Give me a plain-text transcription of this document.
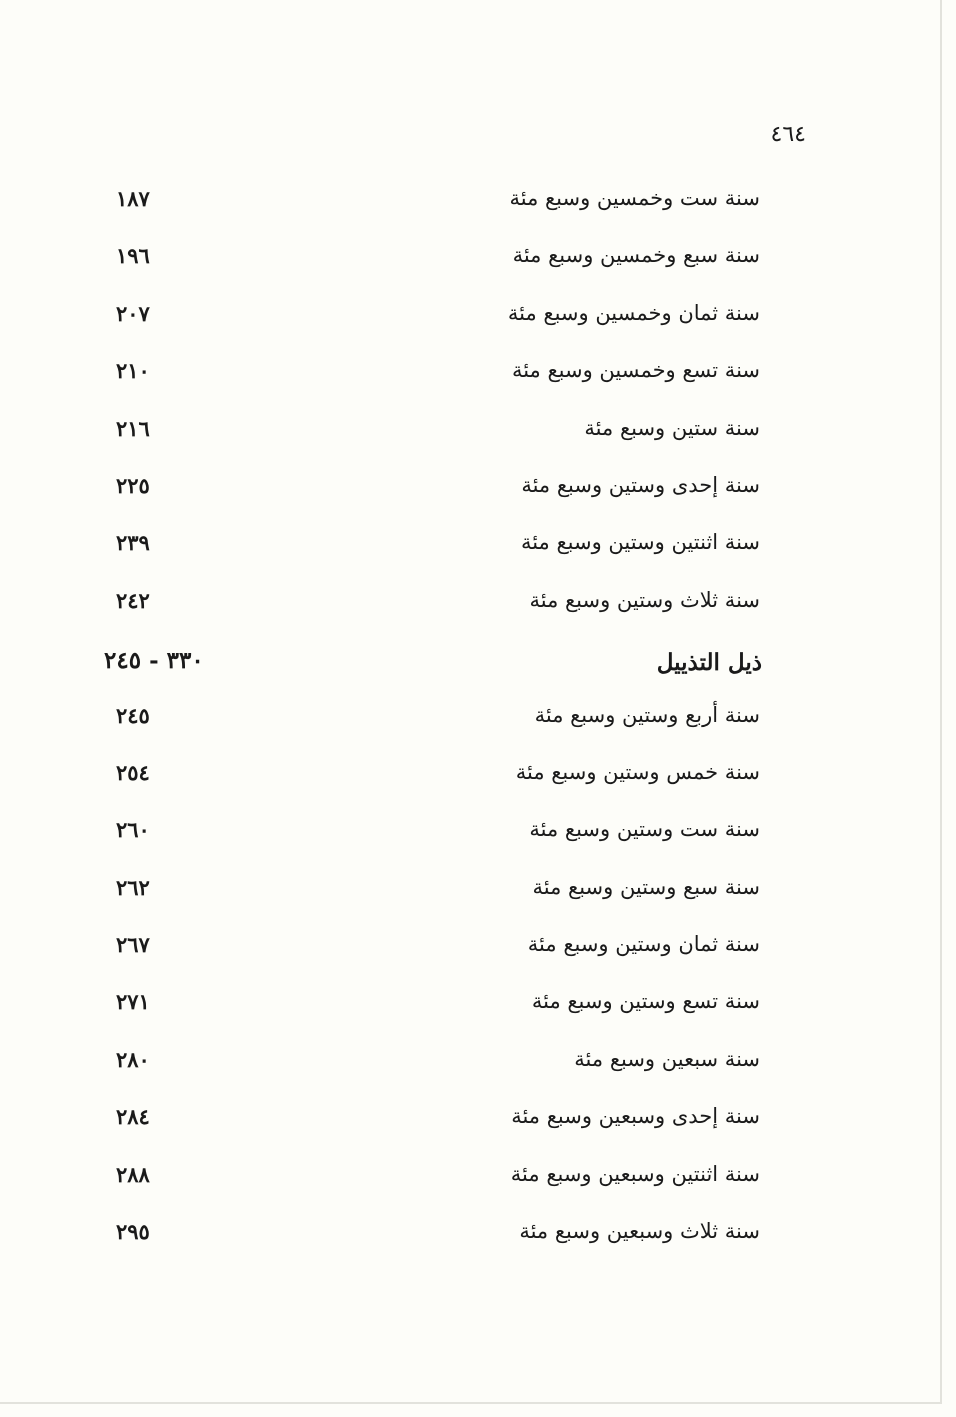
٤٦٤
سنة ست وخمسين وسبع مئة
١٨٧
سنة سبع وخمسين وسبع مئة
١٩٦
سنة ثمان وخمسين وسبع مئة
٢٠٧
سنة تسع وخمسين وسبع مئة
٢١٠
سنة ستين وسبع مئة
٢١٦
سنة إحدى وستين وسبع مئة
٢٢٥
سنة اثنتين وستين وسبع مئة
٢٣٩
سنة ثلاث وستين وسبع مئة
٢٤٢
ذيل التذييل
٣٣٠ - ٢٤٥
سنة أربع وستين وسبع مئة
٢٤٥
سنة خمس وستين وسبع مئة
٢٥٤
سنة ست وستين وسبع مئة
٢٦٠
سنة سبع وستين وسبع مئة
٢٦٢
سنة ثمان وستين وسبع مئة
٢٦٧
سنة تسع وستين وسبع مئة
٢٧١
سنة سبعين وسبع مئة
٢٨٠
سنة إحدى وسبعين وسبع مئة
٢٨٤
سنة اثنتين وسبعين وسبع مئة
٢٨٨
سنة ثلاث وسبعين وسبع مئة
٢٩٥
